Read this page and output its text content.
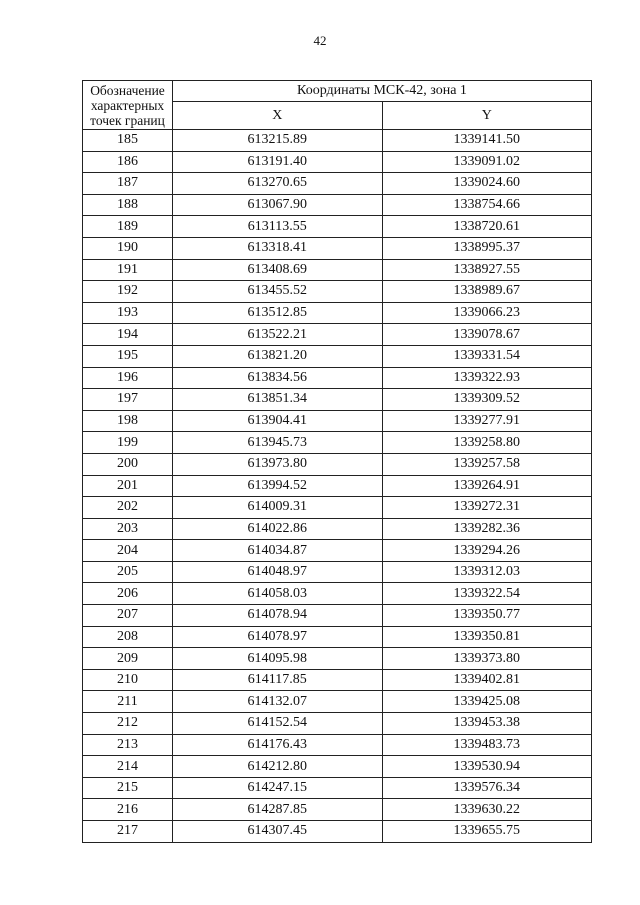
42
Обозначение характерных точек границ	Координаты МСК-42, зона 1	
	X	Y
185	613215.89	1339141.50
186	613191.40	1339091.02
187	613270.65	1339024.60
188	613067.90	1338754.66
189	613113.55	1338720.61
190	613318.41	1338995.37
191	613408.69	1338927.55
192	613455.52	1338989.67
193	613512.85	1339066.23
194	613522.21	1339078.67
195	613821.20	1339331.54
196	613834.56	1339322.93
197	613851.34	1339309.52
198	613904.41	1339277.91
199	613945.73	1339258.80
200	613973.80	1339257.58
201	613994.52	1339264.91
202	614009.31	1339272.31
203	614022.86	1339282.36
204	614034.87	1339294.26
205	614048.97	1339312.03
206	614058.03	1339322.54
207	614078.94	1339350.77
208	614078.97	1339350.81
209	614095.98	1339373.80
210	614117.85	1339402.81
211	614132.07	1339425.08
212	614152.54	1339453.38
213	614176.43	1339483.73
214	614212.80	1339530.94
215	614247.15	1339576.34
216	614287.85	1339630.22
217	614307.45	1339655.75
